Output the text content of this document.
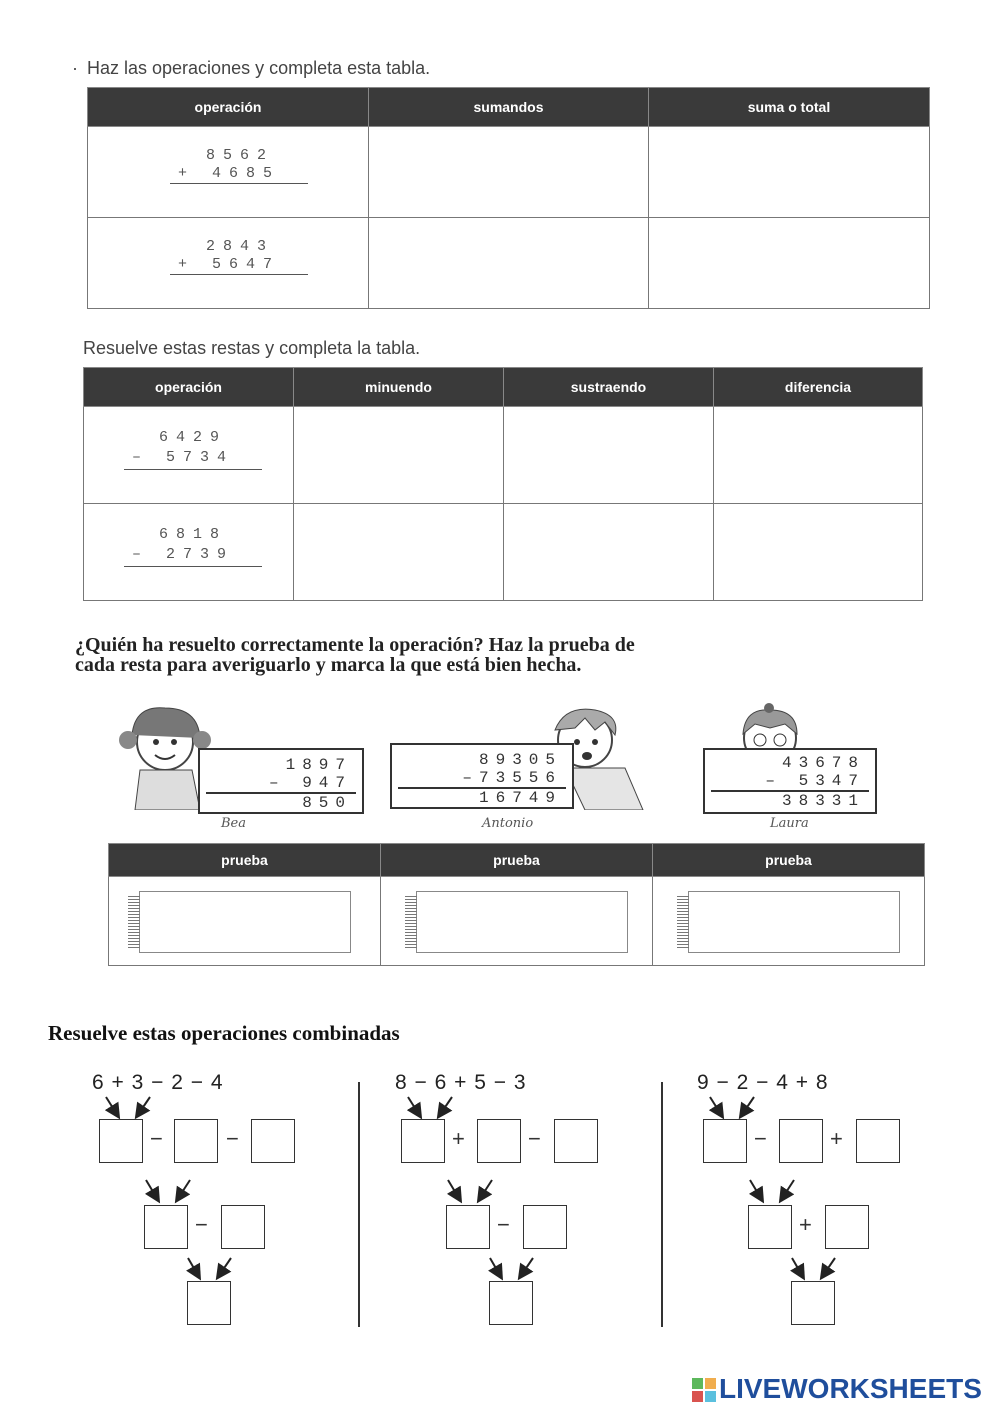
· Haz las operaciones y completa esta tabla.
operación	sumandos	suma o total

8562
+ 4685		

2843
+ 5647		

Resuelve estas restas y completa la tabla.
operación	minuendo	sustraendo	diferencia

6429
– 5734			

6818
– 2739			

¿Quién ha resuelto correctamente la operación? Haz la prueba de
cada resta para averiguarlo y marca la que está bien hecha.
1897
– 947
850
89305
–73556
16749
43678
– 5347
38331
Bea	Antonio	Laura
prueba	prueba	prueba

Resuelve estas operaciones combinadas
6 + 3 − 2 − 4
−	−
−
8 − 6 + 5 − 3
+	−
−
9 − 2 − 4 + 8
−	+
+
LIVEWORKSHEETS
